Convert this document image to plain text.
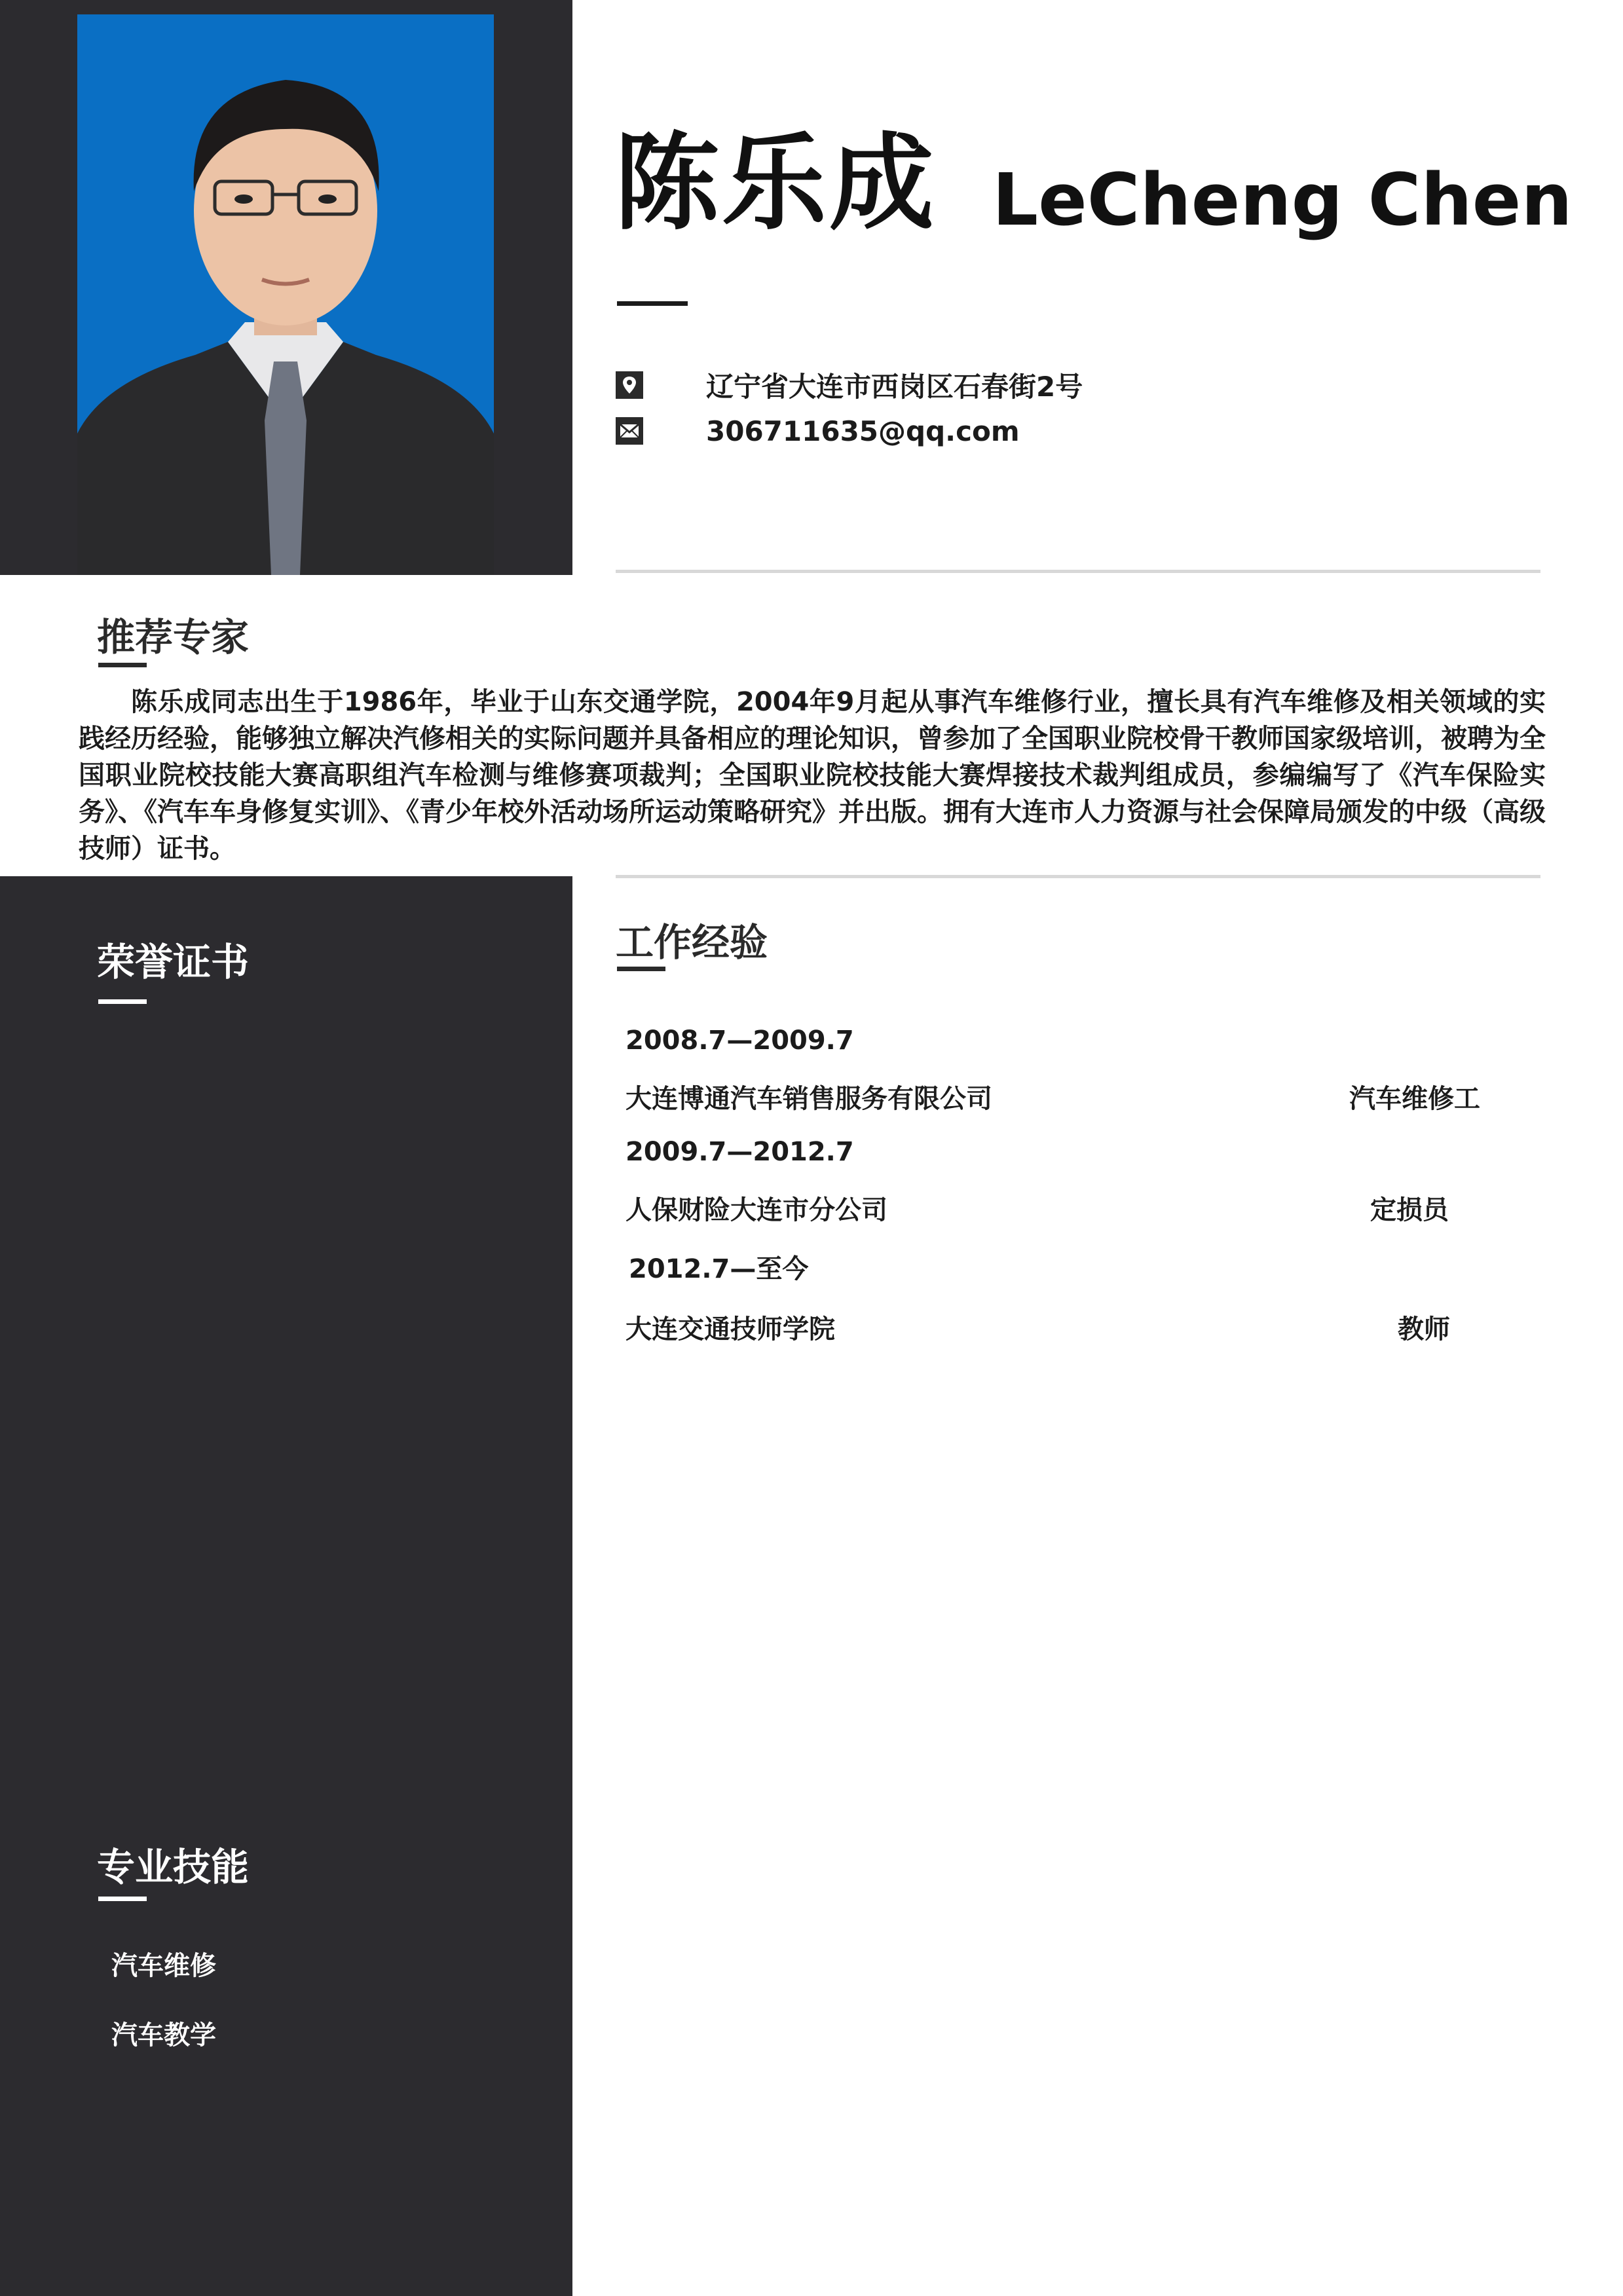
陈乐成 LeCheng Chen
辽宁省大连市西岗区石春街2号
306711635@qq.com
推荐专家
陈乐成同志出生于1986年，毕业于山东交通学院，2004年9月起从事汽车维修行业，擅长具有汽车维修及相关领域的实践经历经验，能够独立解决汽修相关的实际问题并具备相应的理论知识，曾参加了全国职业院校骨干教师国家级培训，被聘为全国职业院校技能大赛高职组汽车检测与维修赛项裁判；全国职业院校技能大赛焊接技术裁判组成员，参编编写了《汽车保险实务》、《汽车车身修复实训》、《青少年校外活动场所运动策略研究》并出版。拥有大连市人力资源与社会保障局颁发的中级（高级技师）证书。
荣誉证书	工作经验
2008.7—2009.7
大连博通汽车销售服务有限公司	汽车维修工
2009.7—2012.7
人保财险大连市分公司	定损员
2012.7—至今
大连交通技师学院	教师
专业技能
汽车维修
汽车教学
